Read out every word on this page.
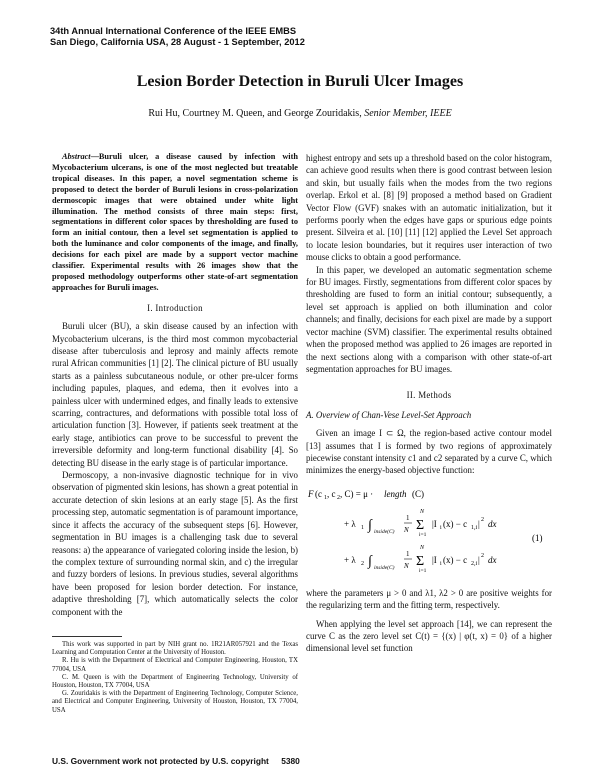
34th Annual International Conference of the IEEE EMBS
San Diego, California USA, 28 August - 1 September, 2012
Lesion Border Detection in Buruli Ulcer Images
Rui Hu, Courtney M. Queen, and George Zouridakis, Senior Member, IEEE

Abstract—Buruli ulcer, a disease caused by infection with Mycobacterium ulcerans, is one of the most neglected but treatable tropical diseases. In this paper, a novel segmentation scheme is proposed to detect the border of Buruli lesions in cross-polarization dermoscopic images that were obtained under white light illumination. The method consists of three main steps: first, segmentations in different color spaces by thresholding are fused to form an initial contour, then a level set segmentation is applied to both the luminance and color components of the image, and finally, decisions for each pixel are made by a support vector machine classifier. Experimental results with 26 images show that the proposed methodology outperforms other state-of-art segmentation approaches for Buruli images.

I. Introduction

Buruli ulcer (BU), a skin disease caused by an infection with Mycobacterium ulcerans, is the third most common mycobacterial disease after tuberculosis and leprosy and mainly affects remote rural African communities [1] [2]. The clinical picture of BU usually starts as a painless subcutaneous nodule, or other pre-ulcer forms including papules, plaques, and edema, then it evolves into a painless ulcer with undermined edges, and finally leads to extensive scarring, contractures, and deformations with possible total loss of articulation function [3]. However, if patients seek treatment at the early stage, antibiotics can prove to be successful to prevent the irreversible deformity and long-term functional disability [4]. So detecting BU disease in the early stage is of particular importance.

Dermoscopy, a non-invasive diagnostic technique for in vivo observation of pigmented skin lesions, has shown a great potential in accurate detection of skin lesions at an early stage [5]. As the first processing step, automatic segmentation is of paramount importance, since it affects the accuracy of the subsequent steps [6]. However, segmentation in BU images is a challenging task due to several reasons: a) the appearance of variegated coloring inside the lesion, b) the complex texture of surrounding normal skin, and c) the irregular and fuzzy borders of lesions. In previous studies, several algorithms have been proposed for lesion border detection. For instance, adaptive thresholding [7], which automatically selects the color component with the

This work was supported in part by NIH grant no. 1R21AR057921 and the Texas Learning and Computation Center at the University of Houston.

R. Hu is with the Department of Electrical and Computer Engineering, Houston, TX 77004, USA

C. M. Queen is with the Department of Engineering Technology, University of Houston, Houston, TX 77004, USA

G. Zouridakis is with the Department of Engineering Technology, Computer Science, and Electrical and Computer Engineering, University of Houston, Houston, TX 77004, USA

highest entropy and sets up a threshold based on the color histogram, can achieve good results when there is good contrast between lesion and skin, but usually fails when the modes from the two regions overlap. Erkol et al. [8] [9] proposed a method based on Gradient Vector Flow (GVF) snakes with an automatic initialization, but it performs poorly when the edges have gaps or spurious edge points present. Silveira et al. [10] [11] [12] applied the Level Set approach to locate lesion boundaries, but it requires user interaction of two mouse clicks to obtain a good performance.

In this paper, we developed an automatic segmentation scheme for BU images. Firstly, segmentations from different color spaces by thresholding are fused to form an initial contour; subsequently, a level set approach is applied on both illumination and color channels; and finally, decisions for each pixel are made by a support vector machine (SVM) classifier. The experimental results obtained when the proposed method was applied to 26 images are reported in the next sections along with a comparison with other state-of-art segmentation approaches for BU images.

II. Methods
A. Overview of Chan-Vese Level-Set Approach

Given an image I ⊂ Ω, the region-based active contour model [13] assumes that I is formed by two regions of approximately piecewise constant intensity c1 and c2 separated by a curve C, which minimizes the energy-based objective function:

F (c 1 , c 2 , C) = μ · length (C)
+ λ 1 ∫ inside(C)
1
N
N
Σ
i=1
|I i (x) − c 1,i | 2 dx
(1)
+ λ 2 ∫ inside(C)
1
N
N
Σ
i=1
|I i (x) − c 2,i | 2 dx

where the parameters μ > 0 and λ1, λ2 > 0 are positive weights for the regularizing term and the fitting term, respectively.

When applying the level set approach [14], we can represent the curve C as the zero level set C(t) = {(x) | φ(t, x) = 0} of a higher dimensional level set function

U.S. Government work not protected by U.S. copyright 5380
